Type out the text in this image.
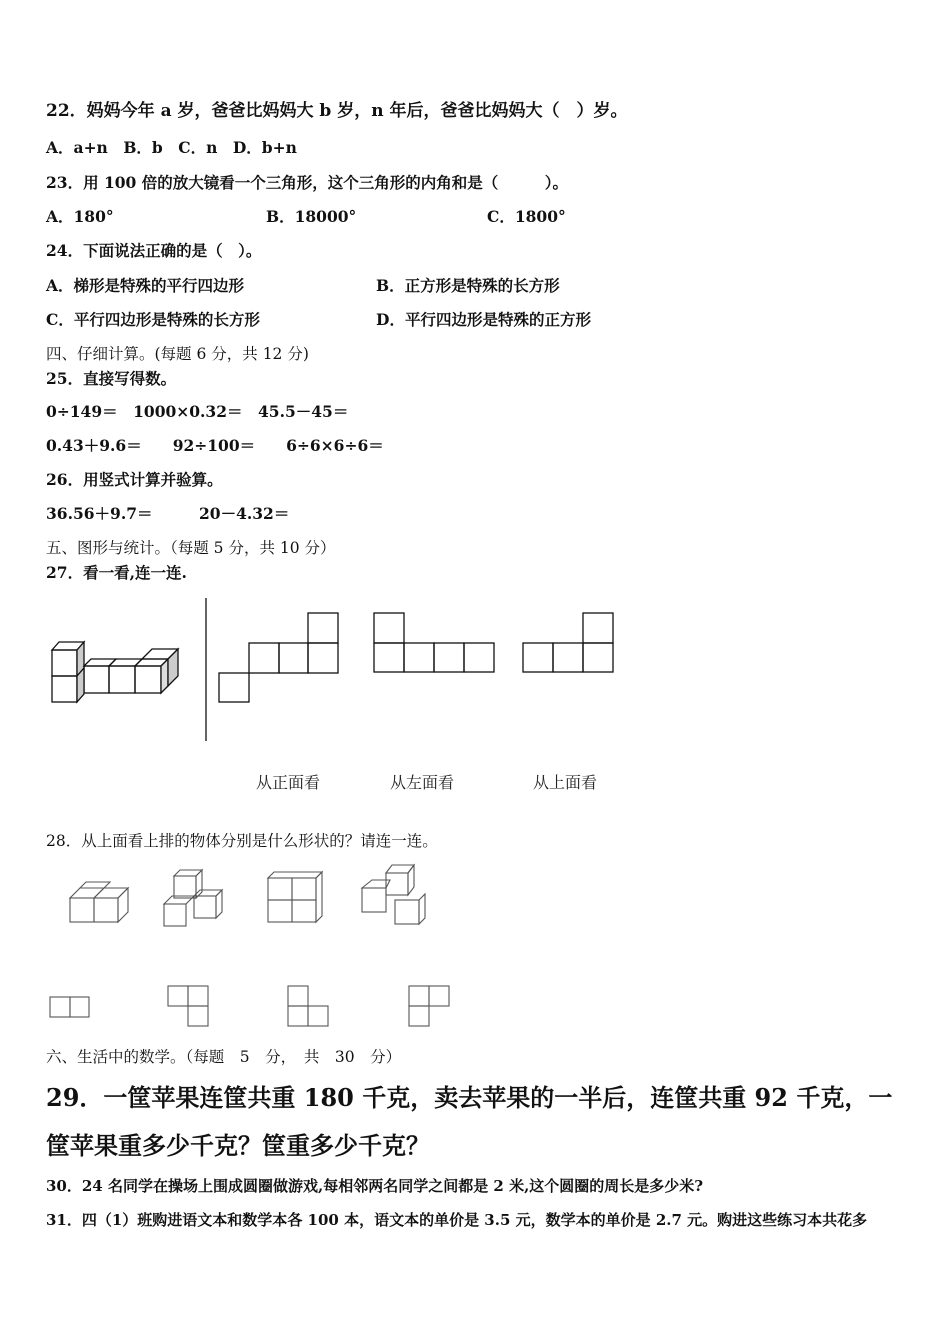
22．妈妈今年 a 岁，爸爸比妈妈大 b 岁，n 年后，爸爸比妈妈大（　）岁。
A．a+n　B．b　C．n　D．b+n
23．用 100 倍的放大镜看一个三角形，这个三角形的内角和是（　　　）。
A．180°	B．18000°	C．1800°
24．下面说法正确的是（　）。
A．梯形是特殊的平行四边形	B．正方形是特殊的长方形
C．平行四边形是特殊的长方形	D．平行四边形是特殊的正方形
四、仔细计算。(每题 6 分，共 12 分)
25．直接写得数。
0÷149＝　1000×0.32＝　45.5－45＝
0.43＋9.6＝　　92÷100＝　　6÷6×6÷6＝
26．用竖式计算并验算。
36.56＋9.7＝　　　20－4.32＝
五、图形与统计。（每题 5 分，共 10 分）
27．看一看,连一连.
从正面看	从左面看	从上面看
28．从上面看上排的物体分别是什么形状的？请连一连。
六、生活中的数学。（每题　5　分，　共　30　分）
29．一筐苹果连筐共重 180 千克，卖去苹果的一半后，连筐共重 92 千克，一
筐苹果重多少千克？筐重多少千克？
30．24 名同学在操场上围成圆圈做游戏,每相邻两名同学之间都是 2 米,这个圆圈的周长是多少米?
31．四（1）班购进语文本和数学本各 100 本，语文本的单价是 3.5 元，数学本的单价是 2.7 元。购进这些练习本共花多
